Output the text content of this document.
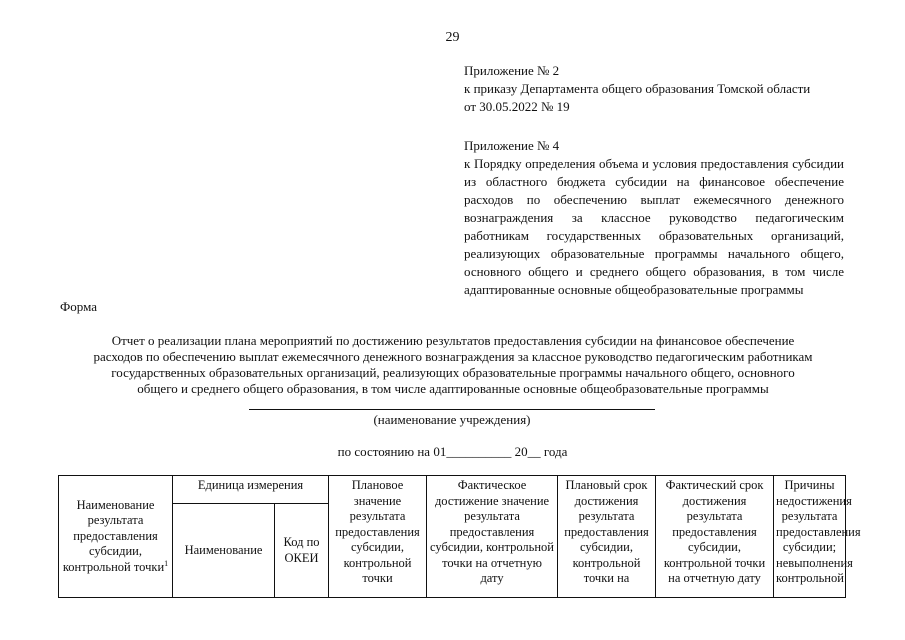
29
Приложение № 2
к приказу Департамента общего образования Томской области
от 30.05.2022 № 19
Приложение № 4
к Порядку определения объема и условия предоставления субсидии из областного бюджета субсидии на финансовое обеспечение расходов по обеспечению выплат ежемесячного денежного вознаграждения за классное руководство педагогическим работникам государственных образовательных организаций, реализующих образовательные программы начального общего, основного общего и среднего общего образования, в том числе адаптированные основные общеобразовательные программы
Форма
Отчет о реализации плана мероприятий по достижению результатов предоставления субсидии на финансовое обеспечение
расходов по обеспечению выплат ежемесячного денежного вознаграждения за классное руководство педагогическим работникам
государственных образовательных организаций, реализующих образовательные программы начального общего, основного
общего и среднего общего образования, в том числе адаптированные основные общеобразовательные программы
(наименование учреждения)
по состоянию на 01__________ 20__ года
Наименование результата предоставления субсидии, контрольной точки$^1$	Единица измерения		Плановое значение результата предоставления субсидии, контрольной точки	Фактическое достижение значение результата предоставления субсидии, контрольной точки на отчетную дату	Плановый срок достижения результата предоставления субсидии, контрольной точки на	Фактический срок достижения результата предоставления субсидии, контрольной точки на отчетную дату	Причины недостижения результата предоставления субсидии; невыполнения контрольной
	Наименование	Код по ОКЕИ					
